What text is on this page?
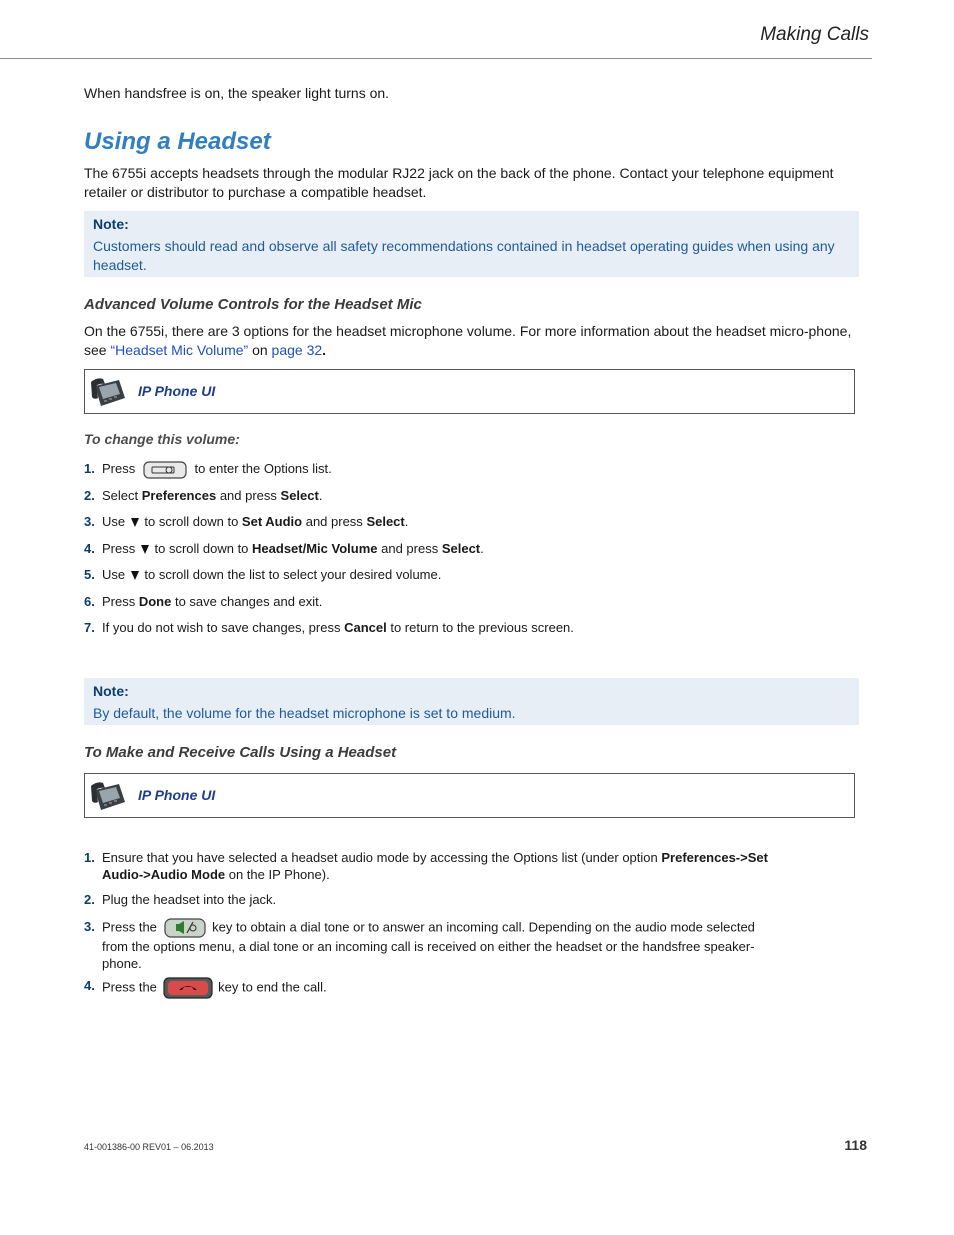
Making Calls
When handsfree is on, the speaker light turns on.
Using a Headset
The 6755i accepts headsets through the modular RJ22 jack on the back of the phone. Contact your telephone equipment retailer or distributor to purchase a compatible headset.
Note:
Customers should read and observe all safety recommendations contained in headset operating guides when using any headset.
Advanced Volume Controls for the Headset Mic
On the 6755i, there are 3 options for the headset microphone volume. For more information about the headset micro-phone, see “Headset Mic Volume” on page 32.
IP Phone UI
To change this volume:
1. Press	to enter the Options list.
2. Select Preferences and press Select.
3. Use to scroll down to Set Audio and press Select.
4. Press to scroll down to Headset/Mic Volume and press Select.
5. Use to scroll down the list to select your desired volume.
6. Press Done to save changes and exit.
7. If you do not wish to save changes, press Cancel to return to the previous screen.
Note:
By default, the volume for the headset microphone is set to medium.
To Make and Receive Calls Using a Headset
IP Phone UI
1. Ensure that you have selected a headset audio mode by accessing the Options list (under option Preferences->Set
Audio->Audio Mode on the IP Phone).
2. Plug the headset into the jack.
3. Press the	key to obtain a dial tone or to answer an incoming call. Depending on the audio mode selected
from the options menu, a dial tone or an incoming call is received on either the headset or the handsfree speaker-
phone.
4. Press the	key to end the call.
41-001386-00 REV01 – 06.2013	118
